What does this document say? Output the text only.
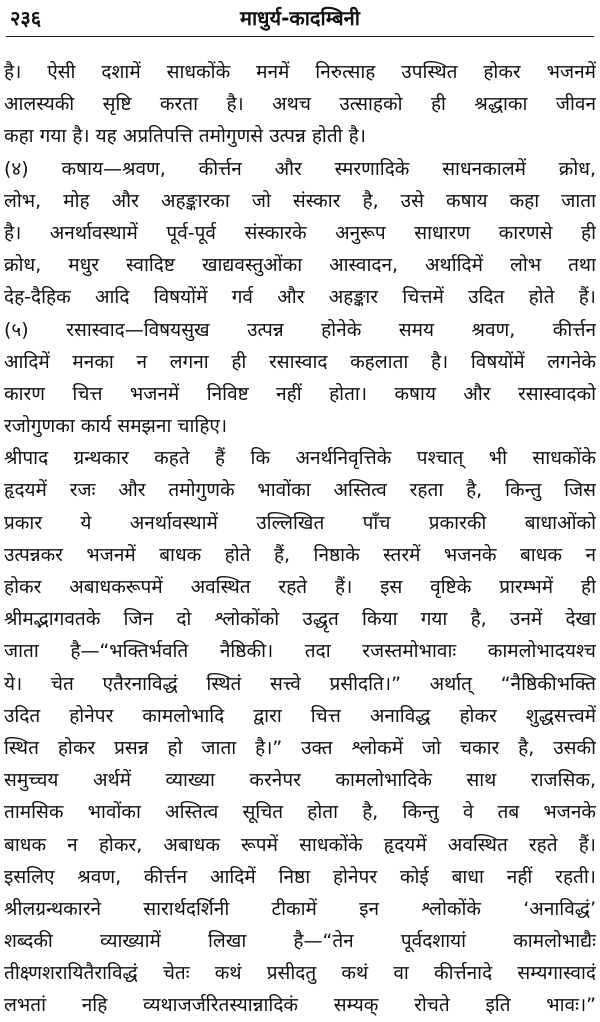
२३६	माधुर्य-कादम्बिनी
है। ऐसी दशामें साधकोंके मनमें निरुत्साह उपस्थित होकर भजनमें
आलस्यकी सृष्टि करता है। अथच उत्साहको ही श्रद्धाका जीवन
कहा गया है। यह अप्रतिपत्ति तमोगुणसे उत्पन्न होती है।
(४) कषाय—श्रवण, कीर्त्तन और स्मरणादिके साधनकालमें क्रोध,
लोभ, मोह और अहङ्कारका जो संस्कार है, उसे कषाय कहा जाता
है। अनर्थावस्थामें पूर्व-पूर्व संस्कारके अनुरूप साधारण कारणसे ही
क्रोध, मधुर स्वादिष्ट खाद्यवस्तुओंका आस्वादन, अर्थादिमें लोभ तथा
देह-दैहिक आदि विषयोंमें गर्व और अहङ्कार चित्तमें उदित होते हैं।
(५) रसास्वाद—विषयसुख उत्पन्न होनेके समय श्रवण, कीर्त्तन
आदिमें मनका न लगना ही रसास्वाद कहलाता है। विषयोंमें लगनेके
कारण चित्त भजनमें निविष्ट नहीं होता। कषाय और रसास्वादको
रजोगुणका कार्य समझना चाहिए।
श्रीपाद ग्रन्थकार कहते हैं कि अनर्थनिवृत्तिके पश्चात् भी साधकोंके
हृदयमें रजः और तमोगुणके भावोंका अस्तित्व रहता है, किन्तु जिस
प्रकार ये अनर्थावस्थामें उल्लिखित पाँच प्रकारकी बाधाओंको
उत्पन्नकर भजनमें बाधक होते हैं, निष्ठाके स्तरमें भजनके बाधक न
होकर अबाधकरूपमें अवस्थित रहते हैं। इस वृष्टिके प्रारम्भमें ही
श्रीमद्भागवतके जिन दो श्लोकोंको उद्धृत किया गया है, उनमें देखा
जाता है—“भक्तिर्भवति नैष्ठिकी। तदा रजस्तमोभावाः कामलोभादयश्च
ये। चेत एतैरनाविद्धं स्थितं सत्त्वे प्रसीदति।” अर्थात् “नैष्ठिकीभक्ति
उदित होनेपर कामलोभादि द्वारा चित्त अनाविद्ध होकर शुद्धसत्त्वमें
स्थित होकर प्रसन्न हो जाता है।” उक्त श्लोकमें जो चकार है, उसकी
समुच्चय अर्थमें व्याख्या करनेपर कामलोभादिके साथ राजसिक,
तामसिक भावोंका अस्तित्व सूचित होता है, किन्तु वे तब भजनके
बाधक न होकर, अबाधक रूपमें साधकोंके हृदयमें अवस्थित रहते हैं।
इसलिए श्रवण, कीर्त्तन आदिमें निष्ठा होनेपर कोई बाधा नहीं रहती।
श्रीलग्रन्थकारने सारार्थदर्शिनी टीकामें इन श्लोकोंके ‘अनाविद्धं’
शब्दकी व्याख्यामें लिखा है—“तेन पूर्वदशायां कामलोभाद्यैः
तीक्ष्णशरायितैराविद्धं चेतः कथं प्रसीदतु कथं वा कीर्त्तनादे सम्यगास्वादं
लभतां नहि व्यथाजर्जरितस्यान्नादिकं सम्यक् रोचते इति भावः।”
